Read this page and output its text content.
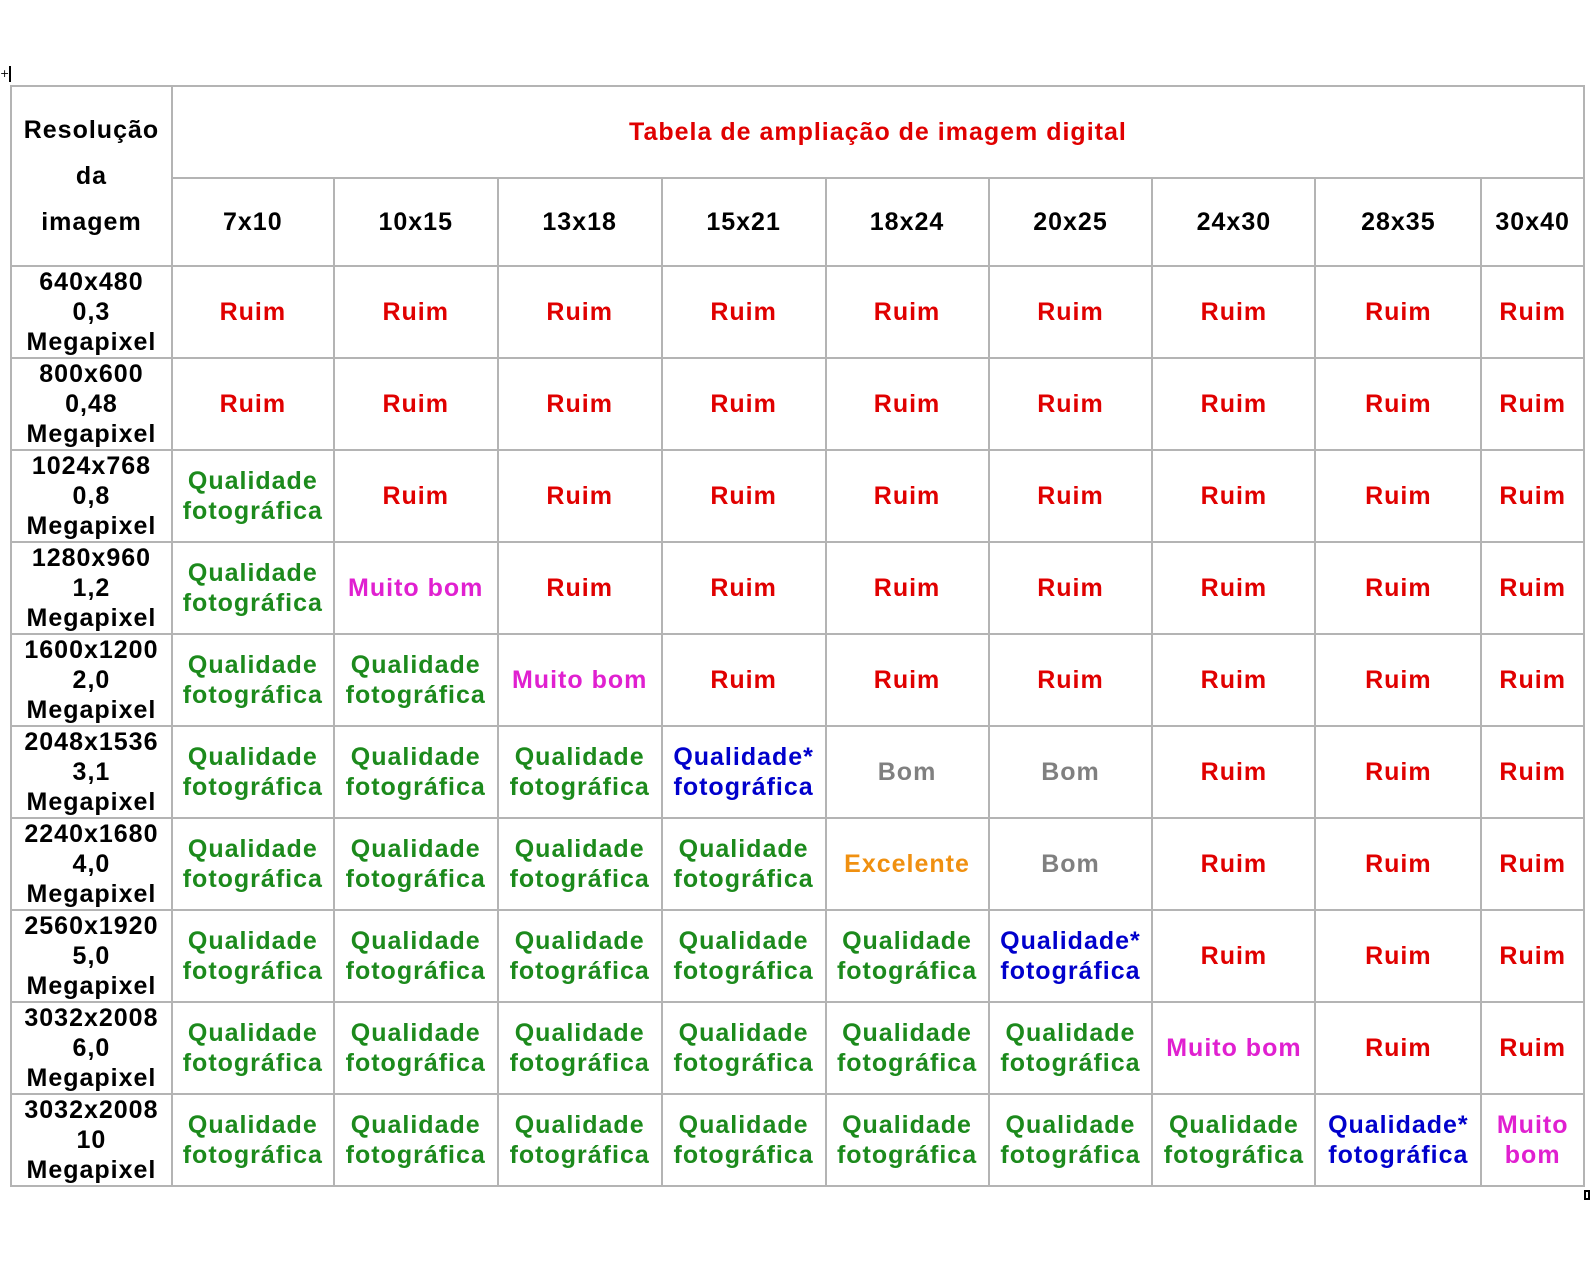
+
Resolução
da
imagem	Tabela de ampliação de imagem digital								
	7x10	10x15	13x18	15x21	18x24	20x25	24x30	28x35	30x40

640x480
0,3
Megapixel	Ruim	Ruim	Ruim	Ruim	Ruim	Ruim	Ruim	Ruim	Ruim

800x600
0,48
Megapixel	Ruim	Ruim	Ruim	Ruim	Ruim	Ruim	Ruim	Ruim	Ruim

1024x768
0,8
Megapixel	Qualidade
fotográfica	Ruim	Ruim	Ruim	Ruim	Ruim	Ruim	Ruim	Ruim

1280x960
1,2
Megapixel	Qualidade
fotográfica	Muito bom	Ruim	Ruim	Ruim	Ruim	Ruim	Ruim	Ruim

1600x1200
2,0
Megapixel	Qualidade
fotográfica	Qualidade
fotográfica	Muito bom	Ruim	Ruim	Ruim	Ruim	Ruim	Ruim

2048x1536
3,1
Megapixel	Qualidade
fotográfica	Qualidade
fotográfica	Qualidade
fotográfica	Qualidade*
fotográfica	Bom	Bom	Ruim	Ruim	Ruim

2240x1680
4,0
Megapixel	Qualidade
fotográfica	Qualidade
fotográfica	Qualidade
fotográfica	Qualidade
fotográfica	Excelente	Bom	Ruim	Ruim	Ruim

2560x1920
5,0
Megapixel	Qualidade
fotográfica	Qualidade
fotográfica	Qualidade
fotográfica	Qualidade
fotográfica	Qualidade
fotográfica	Qualidade*
fotográfica	Ruim	Ruim	Ruim

3032x2008
6,0
Megapixel	Qualidade
fotográfica	Qualidade
fotográfica	Qualidade
fotográfica	Qualidade
fotográfica	Qualidade
fotográfica	Qualidade
fotográfica	Muito bom	Ruim	Ruim

3032x2008
10
Megapixel	Qualidade
fotográfica	Qualidade
fotográfica	Qualidade
fotográfica	Qualidade
fotográfica	Qualidade
fotográfica	Qualidade
fotográfica	Qualidade
fotográfica	Qualidade*
fotográfica	Muito
bom
